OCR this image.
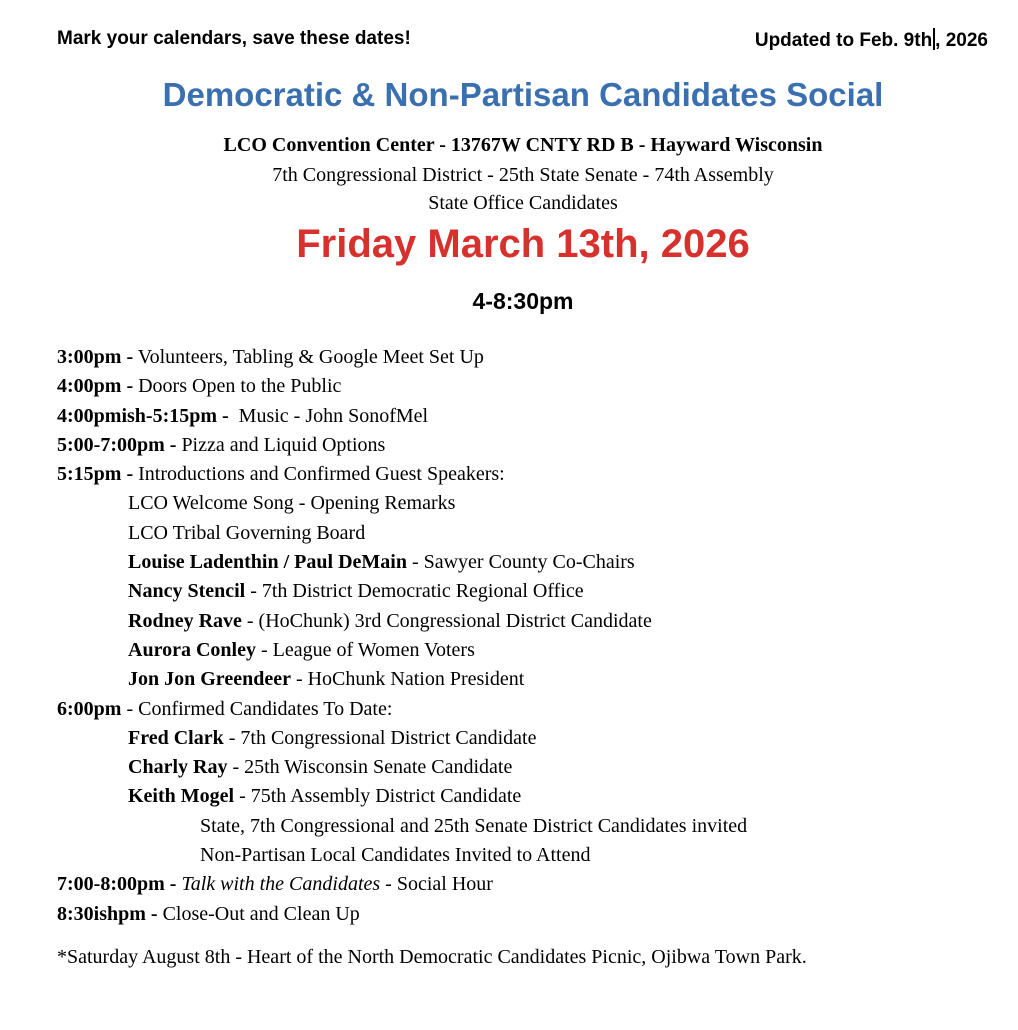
Mark your calendars, save these dates!	Updated to Feb. 9th , 2026
Democratic & Non-Partisan Candidates Social
LCO Convention Center - 13767W CNTY RD B - Hayward Wisconsin
7th Congressional District - 25th State Senate - 74th Assembly
State Office Candidates
Friday March 13th, 2026
4-8:30pm
3:00pm - Volunteers, Tabling & Google Meet Set Up
4:00pm - Doors Open to the Public
4:00pmish-5:15pm -  Music - John SonofMel
5:00-7:00pm - Pizza and Liquid Options
5:15pm - Introductions and Confirmed Guest Speakers:
LCO Welcome Song - Opening Remarks
LCO Tribal Governing Board
Louise Ladenthin / Paul DeMain - Sawyer County Co-Chairs
Nancy Stencil - 7th District Democratic Regional Office
Rodney Rave - (HoChunk) 3rd Congressional District Candidate
Aurora Conley - League of Women Voters
Jon Jon Greendeer - HoChunk Nation President
6:00pm - Confirmed Candidates To Date:
Fred Clark - 7th Congressional District Candidate
Charly Ray - 25th Wisconsin Senate Candidate
Keith Mogel - 75th Assembly District Candidate
State, 7th Congressional and 25th Senate District Candidates invited
Non-Partisan Local Candidates Invited to Attend
7:00-8:00pm - Talk with the Candidates - Social Hour
8:30ishpm - Close-Out and Clean Up
*Saturday August 8th - Heart of the North Democratic Candidates Picnic, Ojibwa Town Park.
